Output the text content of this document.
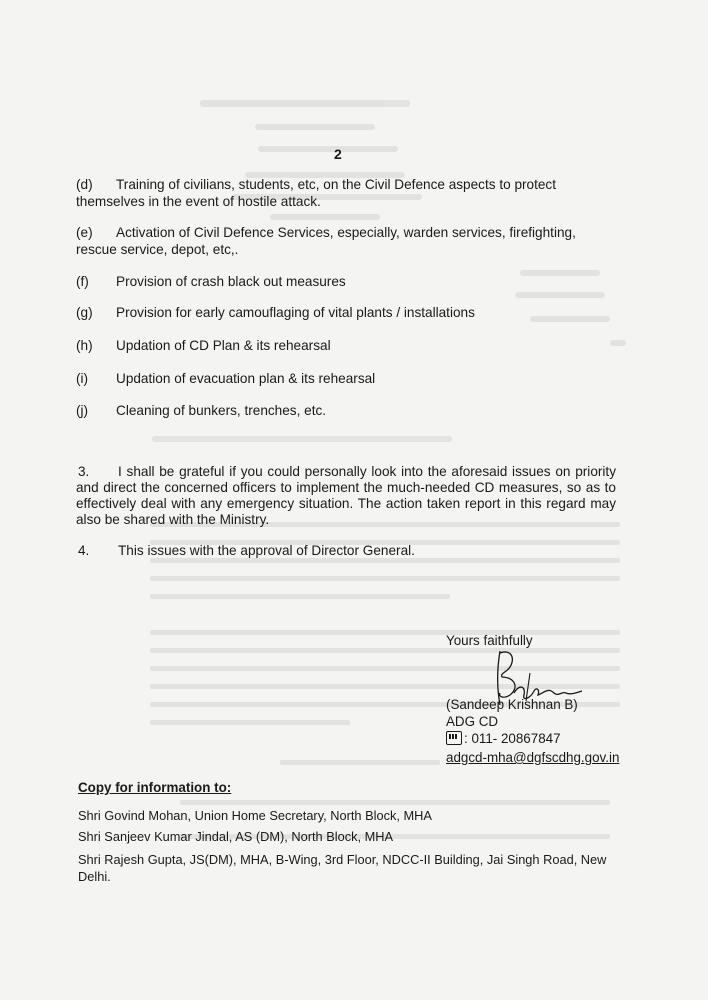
2
(d) Training of civilians, students, etc, on the Civil Defence aspects to protect themselves in the event of hostile attack.
(e) Activation of Civil Defence Services, especially, warden services, firefighting, rescue service, depot, etc,.
(f) Provision of crash black out measures
(g) Provision for early camouflaging of vital plants / installations
(h) Updation of CD Plan & its rehearsal
(i) Updation of evacuation plan & its rehearsal
(j) Cleaning of bunkers, trenches, etc.
3. I shall be grateful if you could personally look into the aforesaid issues on priority and direct the concerned officers to implement the much-needed CD measures, so as to effectively deal with any emergency situation. The action taken report in this regard may also be shared with the Ministry.
4. This issues with the approval of Director General.
Yours faithfully
(Sandeep Krishnan B)
ADG CD
: 011- 20867847
adgcd-mha@dgfscdhg.gov.in
Copy for information to:
Shri Govind Mohan, Union Home Secretary, North Block, MHA
Shri Sanjeev Kumar Jindal, AS (DM), North Block, MHA
Shri Rajesh Gupta, JS(DM), MHA, B-Wing, 3rd Floor, NDCC-II Building, Jai Singh Road, New Delhi.
